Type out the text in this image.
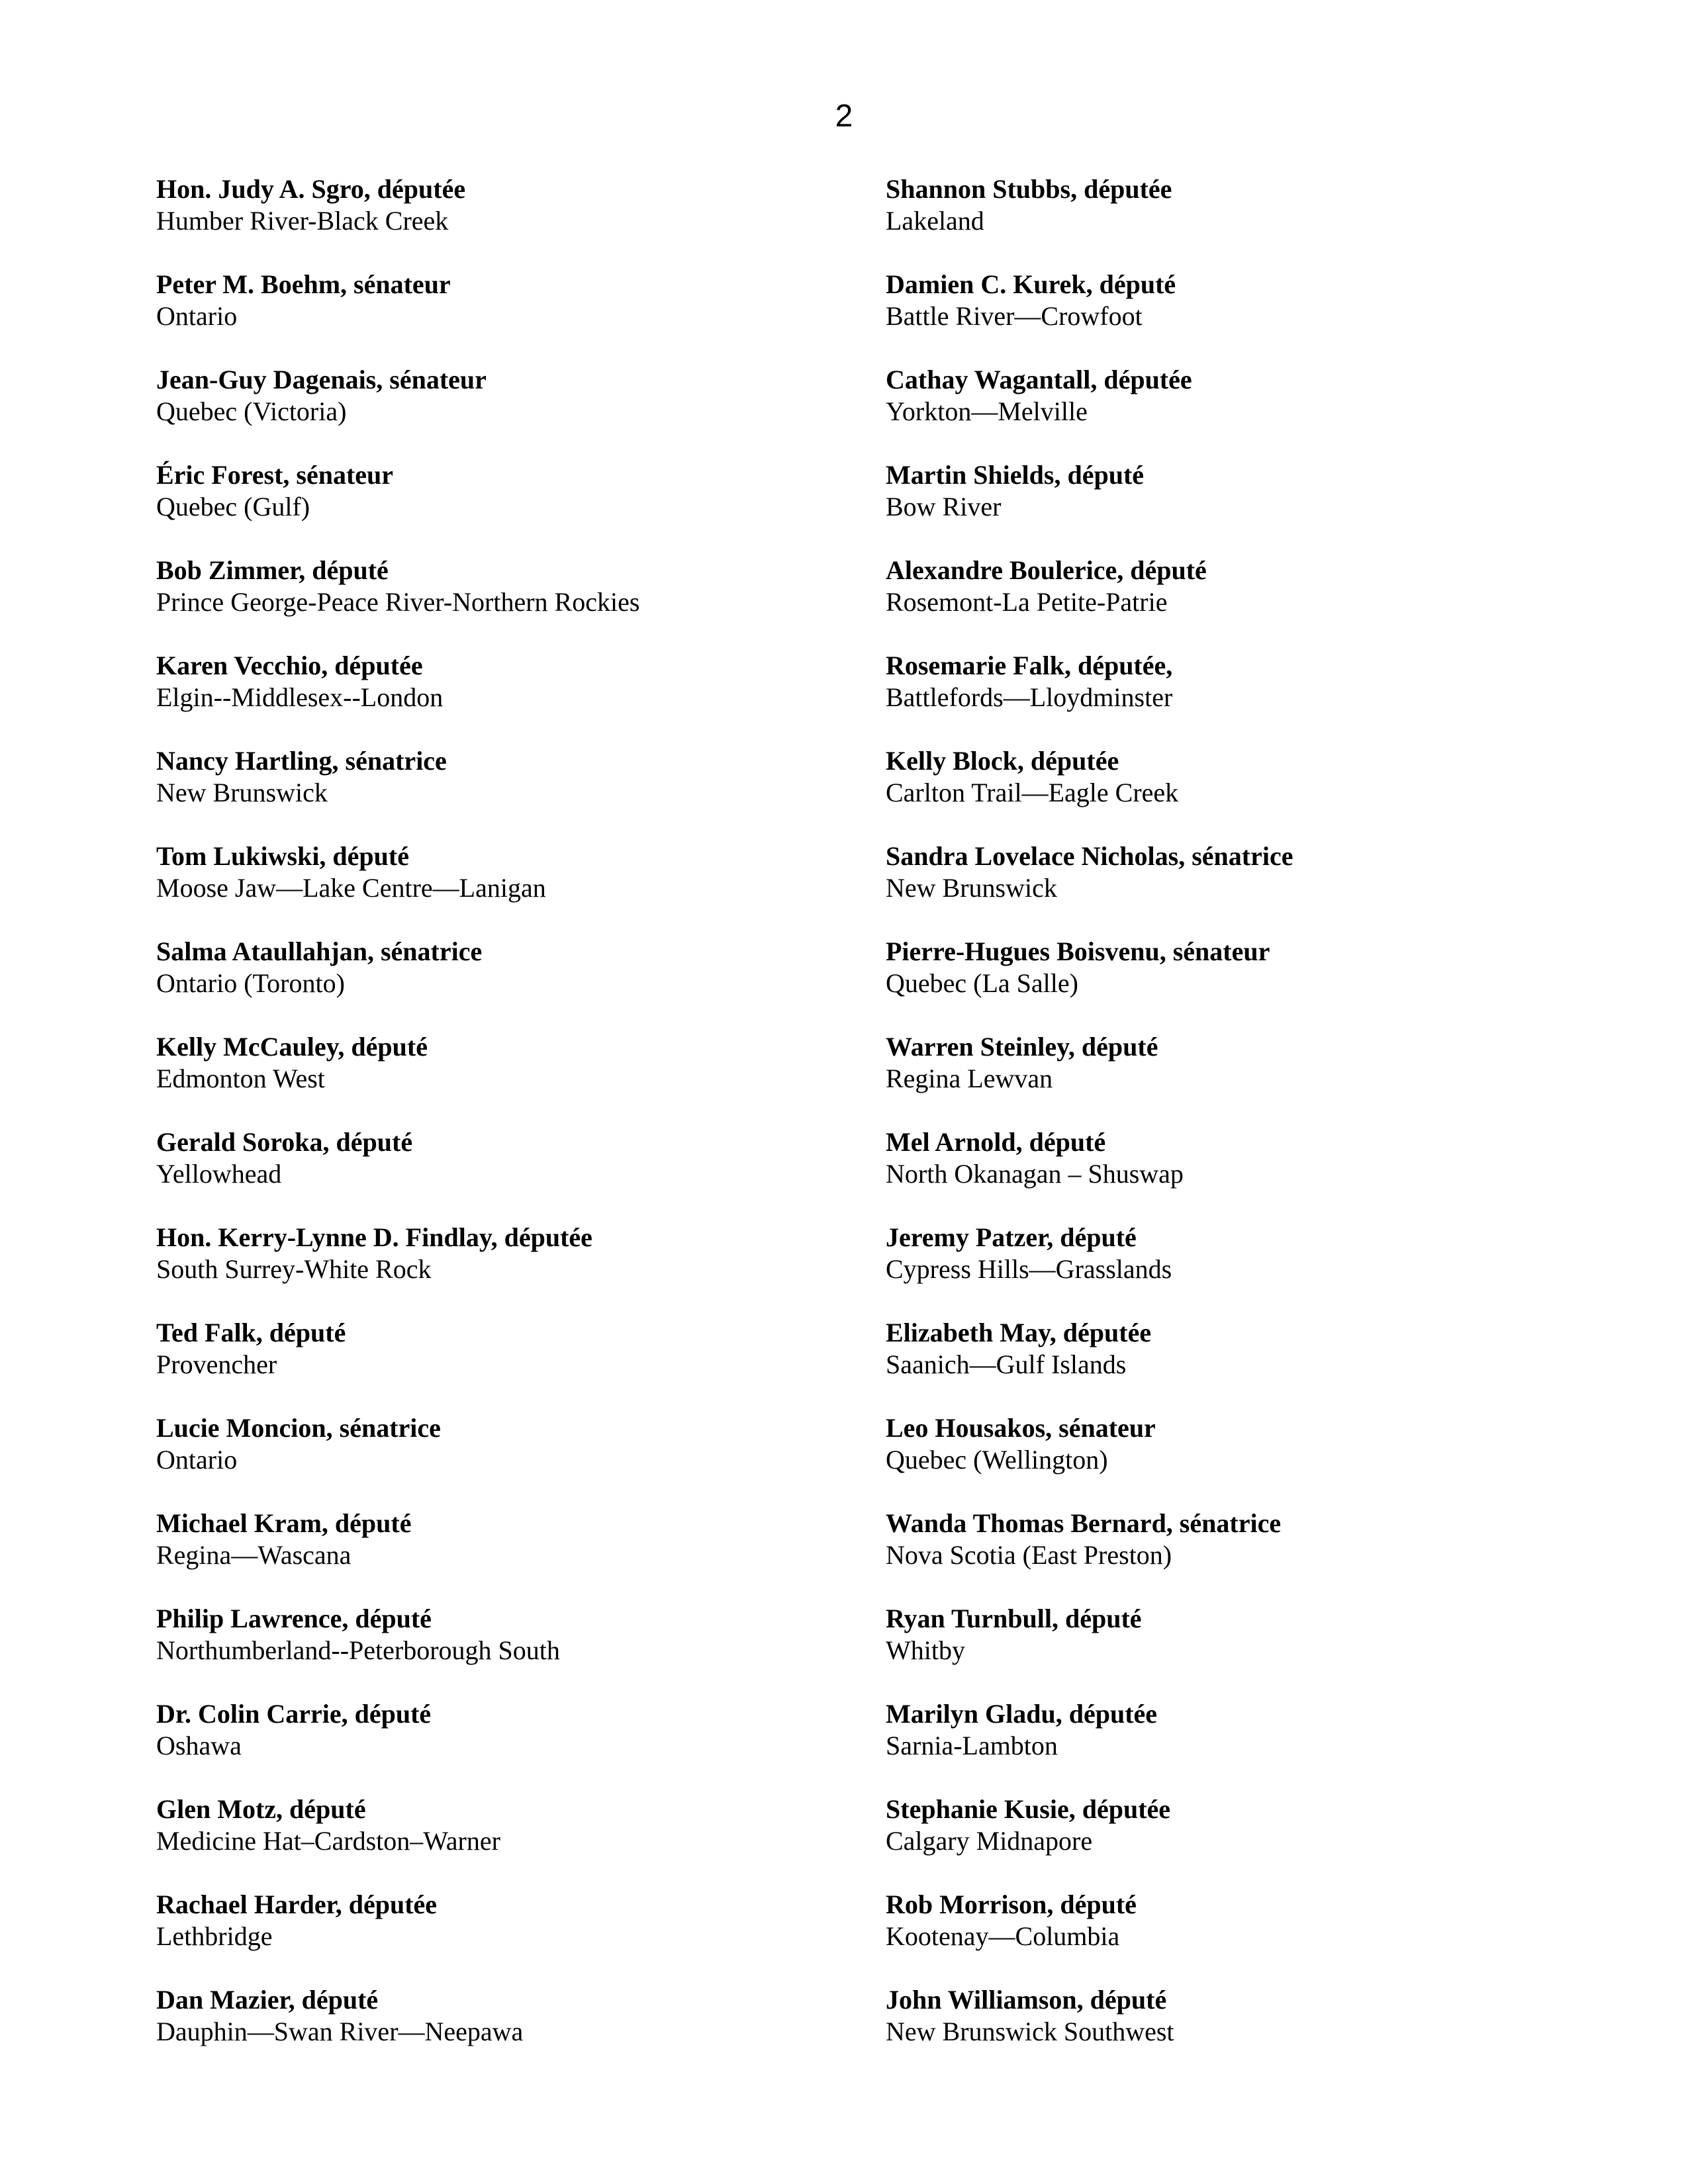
2
Hon. Judy A. Sgro, députée
Humber River-Black Creek
Peter M. Boehm, sénateur
Ontario
Jean-Guy Dagenais, sénateur
Quebec (Victoria)
Éric Forest, sénateur
Quebec (Gulf)
Bob Zimmer, député
Prince George-Peace River-Northern Rockies
Karen Vecchio, députée
Elgin--Middlesex--London
Nancy Hartling, sénatrice
New Brunswick
Tom Lukiwski, député
Moose Jaw—Lake Centre—Lanigan
Salma Ataullahjan, sénatrice
Ontario (Toronto)
Kelly McCauley, député
Edmonton West
Gerald Soroka, député
Yellowhead
Hon. Kerry-Lynne D. Findlay, députée
South Surrey-White Rock
Ted Falk, député
Provencher
Lucie Moncion, sénatrice
Ontario
Michael Kram, député
Regina—Wascana
Philip Lawrence, député
Northumberland--Peterborough South
Dr. Colin Carrie, député
Oshawa
Glen Motz, député
Medicine Hat–Cardston–Warner
Rachael Harder, députée
Lethbridge
Dan Mazier, député
Dauphin—Swan River—Neepawa
Shannon Stubbs, députée
Lakeland
Damien C. Kurek, député
Battle River—Crowfoot
Cathay Wagantall, députée
Yorkton—Melville
Martin Shields, député
Bow River
Alexandre Boulerice, député
Rosemont-La Petite-Patrie
Rosemarie Falk, députée,
Battlefords—Lloydminster
Kelly Block, députée
Carlton Trail—Eagle Creek
Sandra Lovelace Nicholas, sénatrice
New Brunswick
Pierre-Hugues Boisvenu, sénateur
Quebec (La Salle)
Warren Steinley, député
Regina Lewvan
Mel Arnold, député
North Okanagan – Shuswap
Jeremy Patzer, député
Cypress Hills—Grasslands
Elizabeth May, députée
Saanich—Gulf Islands
Leo Housakos, sénateur
Quebec (Wellington)
Wanda Thomas Bernard, sénatrice
Nova Scotia (East Preston)
Ryan Turnbull, député
Whitby
Marilyn Gladu, députée
Sarnia-Lambton
Stephanie Kusie, députée
Calgary Midnapore
Rob Morrison, député
Kootenay—Columbia
John Williamson, député
New Brunswick Southwest
